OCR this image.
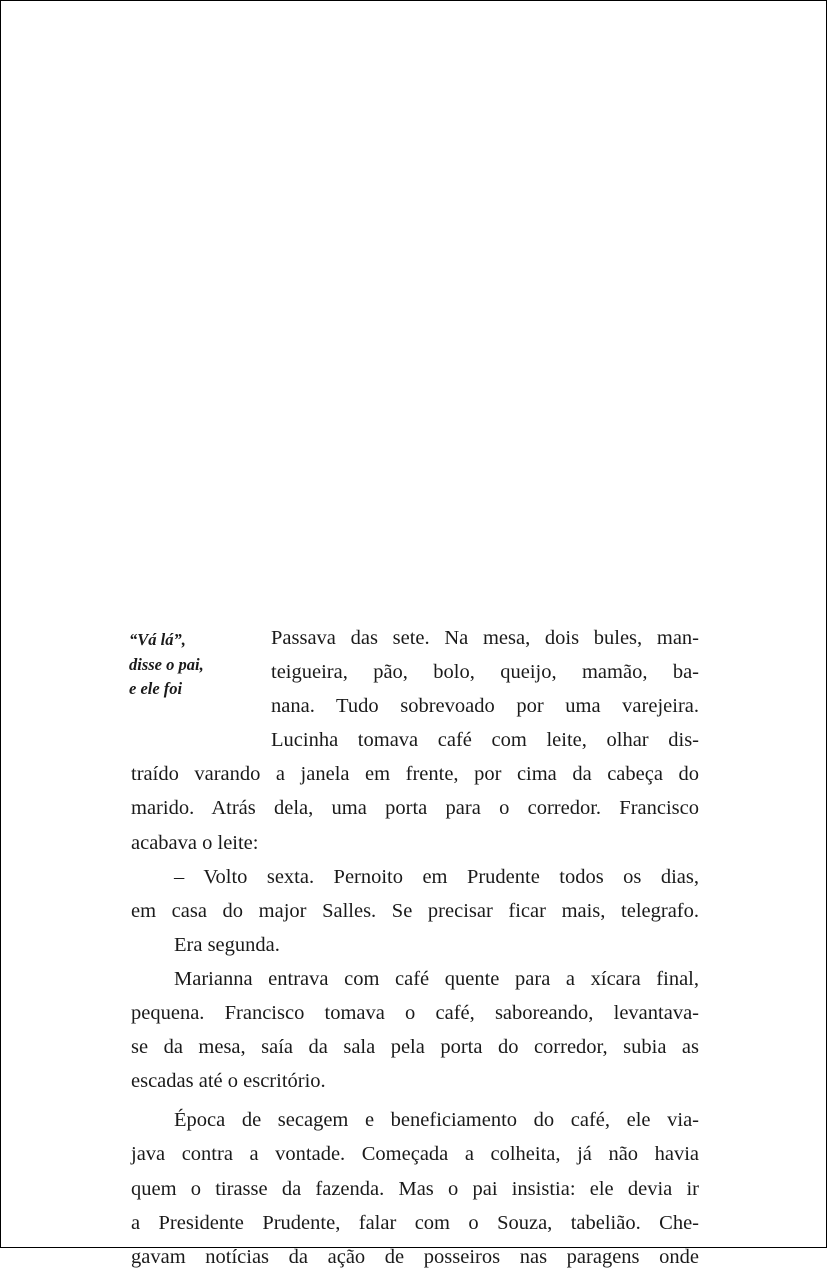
“Vá lá”,
disse o pai,
e ele foi
Passava das sete. Na mesa, dois bules, man-
teigueira, pão, bolo, queijo, mamão, ba-
nana. Tudo sobrevoado por uma varejeira.
Lucinha tomava café com leite, olhar dis-
traído varando a janela em frente, por cima da cabeça do
marido. Atrás dela, uma porta para o corredor. Francisco
acabava o leite:
– Volto sexta. Pernoito em Prudente todos os dias,
em casa do major Salles. Se precisar ficar mais, telegrafo.
Era segunda.
Marianna entrava com café quente para a xícara final,
pequena. Francisco tomava o café, saboreando, levantava-
se da mesa, saía da sala pela porta do corredor, subia as
escadas até o escritório.
Época de secagem e beneficiamento do café, ele via-
java contra a vontade. Começada a colheita, já não havia
quem o tirasse da fazenda. Mas o pai insistia: ele devia ir
a Presidente Prudente, falar com o Souza, tabelião. Che-
gavam notícias da ação de posseiros nas paragens onde
